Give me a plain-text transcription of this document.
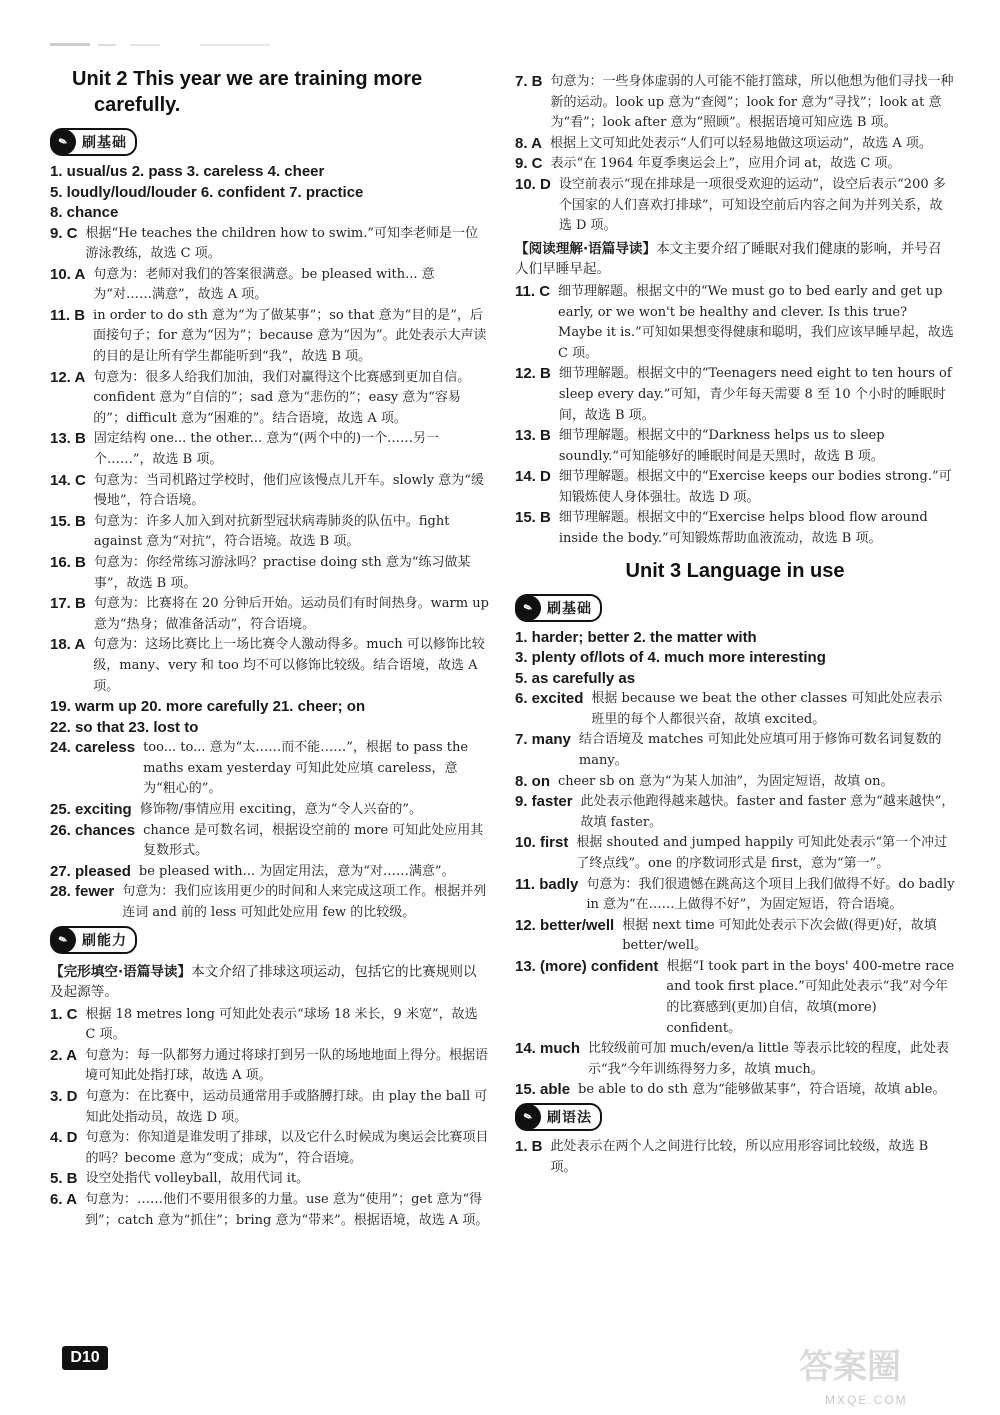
Unit 2 This year we are training more carefully.
✎ 刷基础
1. usual/us 2. pass 3. careless 4. cheer
5. loudly/loud/louder 6. confident 7. practice
8. chance
9. C 根据“He teaches the children how to swim.”可知李老师是一位游泳教练，故选 C 项。
10. A 句意为：老师对我们的答案很满意。be pleased with... 意为“对……满意”，故选 A 项。
11. B in order to do sth 意为“为了做某事”；so that 意为“目的是”，后面接句子；for 意为“因为”；because 意为“因为”。此处表示大声读的目的是让所有学生都能听到“我”，故选 B 项。
12. A 句意为：很多人给我们加油，我们对赢得这个比赛感到更加自信。confident 意为“自信的”；sad 意为“悲伤的”；easy 意为“容易的”；difficult 意为“困难的”。结合语境，故选 A 项。
13. B 固定结构 one... the other... 意为“(两个中的)一个……另一个……”，故选 B 项。
14. C 句意为：当司机路过学校时，他们应该慢点儿开车。slowly 意为“缓慢地”，符合语境。
15. B 句意为：许多人加入到对抗新型冠状病毒肺炎的队伍中。fight against 意为“对抗”，符合语境。故选 B 项。
16. B 句意为：你经常练习游泳吗？practise doing sth 意为“练习做某事”，故选 B 项。
17. B 句意为：比赛将在 20 分钟后开始。运动员们有时间热身。warm up 意为“热身；做准备活动”，符合语境。
18. A 句意为：这场比赛比上一场比赛令人激动得多。much 可以修饰比较级，many、very 和 too 均不可以修饰比较级。结合语境，故选 A 项。
19. warm up 20. more carefully 21. cheer; on
22. so that 23. lost to
24. careless too... to... 意为“太……而不能……”，根据 to pass the maths exam yesterday 可知此处应填 careless，意为“粗心的”。
25. exciting 修饰物/事情应用 exciting，意为“令人兴奋的”。
26. chances chance 是可数名词，根据设空前的 more 可知此处应用其复数形式。
27. pleased be pleased with... 为固定用法，意为“对……满意”。
28. fewer 句意为：我们应该用更少的时间和人来完成这项工作。根据并列连词 and 前的 less 可知此处应用 few 的比较级。
✎ 刷能力
【完形填空·语篇导读】本文介绍了排球这项运动，包括它的比赛规则以及起源等。
1. C 根据 18 metres long 可知此处表示“球场 18 米长，9 米宽”，故选 C 项。
2. A 句意为：每一队都努力通过将球打到另一队的场地地面上得分。根据语境可知此处指打球，故选 A 项。
3. D 句意为：在比赛中，运动员通常用手或胳膊打球。由 play the ball 可知此处指动员，故选 D 项。
4. D 句意为：你知道是谁发明了排球，以及它什么时候成为奥运会比赛项目的吗？become 意为“变成；成为”，符合语境。
5. B 设空处指代 volleyball，故用代词 it。
6. A 句意为：……他们不要用很多的力量。use 意为“使用”；get 意为“得到”；catch 意为“抓住”；bring 意为“带来”。根据语境，故选 A 项。
7. B 句意为：一些身体虚弱的人可能不能打篮球，所以他想为他们寻找一种新的运动。look up 意为“查阅”；look for 意为“寻找”；look at 意为“看”；look after 意为“照顾”。根据语境可知应选 B 项。
8. A 根据上文可知此处表示“人们可以轻易地做这项运动”，故选 A 项。
9. C 表示“在 1964 年夏季奥运会上”，应用介词 at，故选 C 项。
10. D 设空前表示“现在排球是一项很受欢迎的运动”，设空后表示“200 多个国家的人们喜欢打排球”，可知设空前后内容之间为并列关系，故选 D 项。
【阅读理解·语篇导读】本文主要介绍了睡眠对我们健康的影响，并号召人们早睡早起。
11. C 细节理解题。根据文中的“We must go to bed early and get up early, or we won't be healthy and clever. Is this true? Maybe it is.”可知如果想变得健康和聪明，我们应该早睡早起，故选 C 项。
12. B 细节理解题。根据文中的“Teenagers need eight to ten hours of sleep every day.”可知，青少年每天需要 8 至 10 个小时的睡眠时间，故选 B 项。
13. B 细节理解题。根据文中的“Darkness helps us to sleep soundly.”可知能够好的睡眠时间是天黑时，故选 B 项。
14. D 细节理解题。根据文中的“Exercise keeps our bodies strong.”可知锻炼使人身体强壮。故选 D 项。
15. B 细节理解题。根据文中的“Exercise helps blood flow around inside the body.”可知锻炼帮助血液流动，故选 B 项。
Unit 3 Language in use
✎ 刷基础
1. harder; better 2. the matter with
3. plenty of/lots of 4. much more interesting
5. as carefully as
6. excited 根据 because we beat the other classes 可知此处应表示班里的每个人都很兴奋，故填 excited。
7. many 结合语境及 matches 可知此处应填可用于修饰可数名词复数的 many。
8. on cheer sb on 意为“为某人加油”，为固定短语，故填 on。
9. faster 此处表示他跑得越来越快。faster and faster 意为“越来越快”，故填 faster。
10. first 根据 shouted and jumped happily 可知此处表示“第一个冲过了终点线”。one 的序数词形式是 first，意为“第一”。
11. badly 句意为：我们很遗憾在跳高这个项目上我们做得不好。do badly in 意为“在……上做得不好”，为固定短语，符合语境。
12. better/well 根据 next time 可知此处表示下次会做(得更)好，故填 better/well。
13. (more) confident 根据“I took part in the boys' 400-metre race and took first place.”可知此处表示“我”对今年的比赛感到(更加)自信，故填(more) confident。
14. much 比较级前可加 much/even/a little 等表示比较的程度，此处表示“我”今年训练得努力多，故填 much。
15. able be able to do sth 意为“能够做某事”，符合语境，故填 able。
✎ 刷语法
1. B 此处表示在两个人之间进行比较，所以应用形容词比较级，故选 B 项。
D10	答案圈
MXQE.COM
